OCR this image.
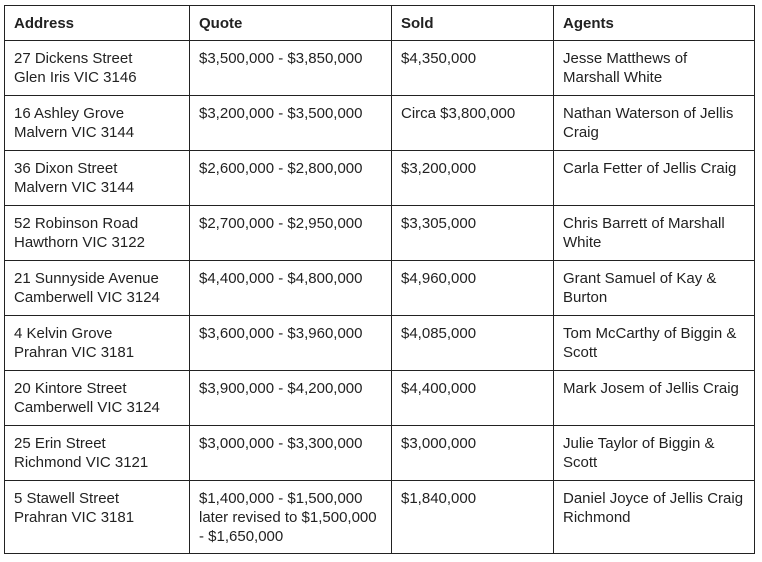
Address	Quote	Sold	Agents

27 Dickens Street
Glen Iris VIC 3146	$3,500,000 - $3,850,000	$4,350,000	Jesse Matthews of Marshall White

16 Ashley Grove
Malvern VIC 3144	$3,200,000 - $3,500,000	Circa $3,800,000	Nathan Waterson of Jellis Craig

36 Dixon Street
Malvern VIC 3144	$2,600,000 - $2,800,000	$3,200,000	Carla Fetter of Jellis Craig

52 Robinson Road
Hawthorn VIC 3122	$2,700,000 - $2,950,000	$3,305,000	Chris Barrett of Marshall White

21 Sunnyside Avenue
Camberwell VIC 3124	$4,400,000 - $4,800,000	$4,960,000	Grant Samuel of Kay & Burton

4 Kelvin Grove
Prahran VIC 3181	$3,600,000 - $3,960,000	$4,085,000	Tom McCarthy of Biggin & Scott

20 Kintore Street
Camberwell VIC 3124	$3,900,000 - $4,200,000	$4,400,000	Mark Josem of Jellis Craig

25 Erin Street
Richmond VIC 3121	$3,000,000 - $3,300,000	$3,000,000	Julie Taylor of Biggin & Scott

5 Stawell Street
Prahran VIC 3181	$1,400,000 - $1,500,000 later revised to $1,500,000 - $1,650,000	$1,840,000	Daniel Joyce of Jellis Craig Richmond
